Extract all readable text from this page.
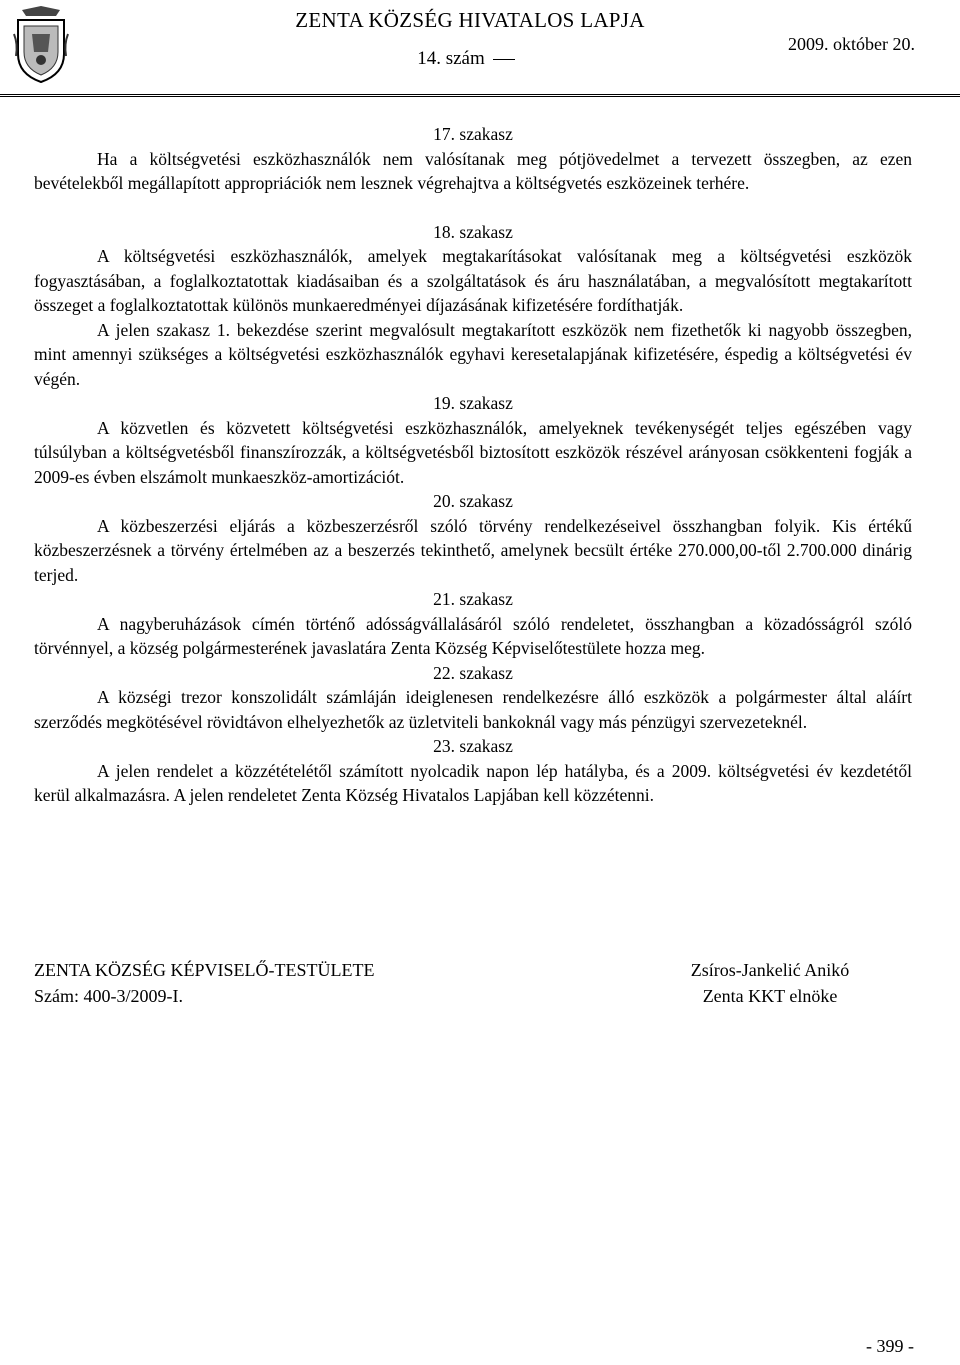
ZENTA KÖZSÉG HIVATALOS LAPJA
14. szám
2009. október 20.
17. szakasz
Ha a költségvetési eszközhasználók nem valósítanak meg pótjövedelmet a tervezett összegben, az ezen bevételekből megállapított appropriációk nem lesznek végrehajtva a költségvetés eszközeinek terhére.
18. szakasz
A költségvetési eszközhasználók, amelyek megtakarításokat valósítanak meg a költségvetési eszközök fogyasztásában, a foglalkoztatottak kiadásaiban és a szolgáltatások és áru használatában, a megvalósított megtakarított összeget a foglalkoztatottak különös munkaeredményei díjazásának kifizetésére fordíthatják.
A jelen szakasz 1. bekezdése szerint megvalósult megtakarított eszközök nem fizethetők ki nagyobb összegben, mint amennyi szükséges a költségvetési eszközhasználók egyhavi keresetalapjának kifizetésére, éspedig a költségvetési év végén.
19. szakasz
A közvetlen és közvetett költségvetési eszközhasználók, amelyeknek tevékenységét teljes egészében vagy túlsúlyban a költségvetésből finanszírozzák, a költségvetésből biztosított eszközök részével arányosan csökkenteni fogják a 2009-es évben elszámolt munkaeszköz-amortizációt.
20. szakasz
A közbeszerzési eljárás a közbeszerzésről szóló törvény rendelkezéseivel összhangban folyik. Kis értékű közbeszerzésnek a törvény értelmében az a beszerzés tekinthető, amelynek becsült értéke 270.000,00-től 2.700.000 dinárig terjed.
21. szakasz
A nagyberuházások címén történő adósságvállalásáról szóló rendeletet, összhangban a közadósságról szóló törvénnyel, a község polgármesterének javaslatára Zenta Község Képviselőtestülete hozza meg.
22. szakasz
A községi trezor konszolidált számláján ideiglenesen rendelkezésre álló eszközök a polgármester által aláírt szerződés megkötésével rövidtávon elhelyezhetők az üzletviteli bankoknál vagy más pénzügyi szervezeteknél.
23. szakasz
A jelen rendelet a közzétételétől számított nyolcadik napon lép hatályba, és a 2009. költségvetési év kezdetétől kerül alkalmazásra. A jelen rendeletet Zenta Község Hivatalos Lapjában kell közzétenni.
ZENTA KÖZSÉG KÉPVISELŐ-TESTÜLETE
Szám: 400-3/2009-I.
Zsíros-Jankelić Anikó
Zenta KKT elnöke
- 399 -
